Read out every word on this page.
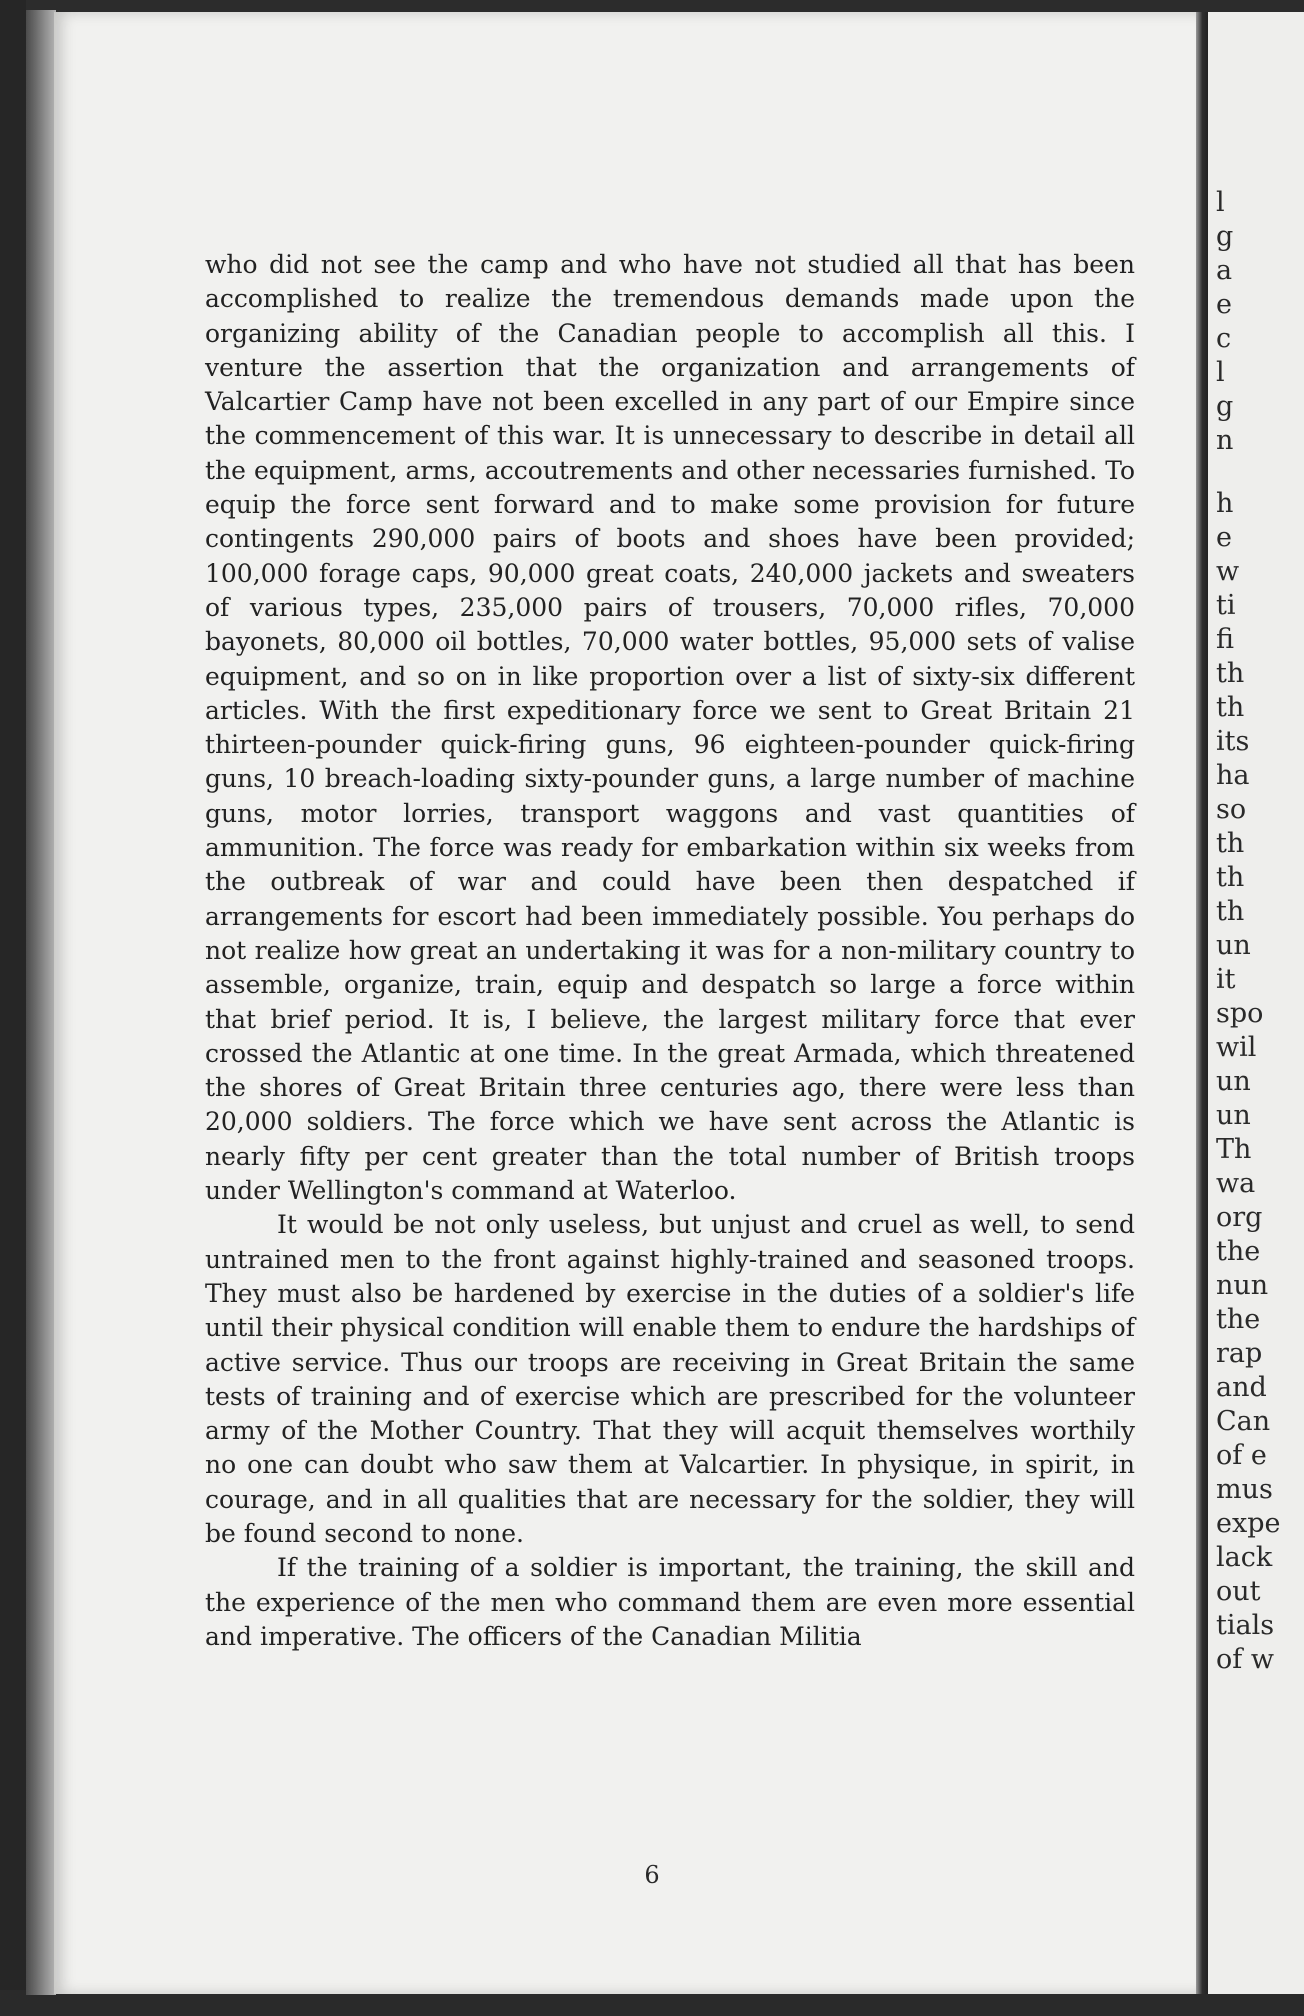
l
g
a
e
c
l
g
n
h
e
w
ti
fi
th
th
its
ha
so
th
th
th
un
it
spo
wil
un
un
Th
wa
org
the
nun
the
rap
and
Can
of e
mus
expe
lack
out
tials
of w

who did not see the camp and who have not studied all that has been accomplished to realize the tremendous demands made upon the organizing ability of the Canadian people to accomplish all this. I venture the assertion that the organization and arrangements of Valcartier Camp have not been excelled in any part of our Empire since the commencement of this war. It is unnecessary to describe in detail all the equipment, arms, accoutrements and other necessaries furnished. To equip the force sent forward and to make some provision for future contingents 290,000 pairs of boots and shoes have been provided; 100,000 forage caps, 90,000 great coats, 240,000 jackets and sweaters of various types, 235,000 pairs of trousers, 70,000 rifles, 70,000 bayonets, 80,000 oil bottles, 70,000 water bottles, 95,000 sets of valise equipment, and so on in like proportion over a list of sixty-six different articles. With the first expeditionary force we sent to Great Britain 21 thirteen-pounder quick-firing guns, 96 eighteen-pounder quick-firing guns, 10 breach-loading sixty-pounder guns, a large number of machine guns, motor lorries, transport waggons and vast quantities of ammunition. The force was ready for embarkation within six weeks from the outbreak of war and could have been then despatched if arrangements for escort had been immediately possible. You perhaps do not realize how great an undertaking it was for a non-military country to assemble, organize, train, equip and despatch so large a force within that brief period. It is, I believe, the largest military force that ever crossed the Atlantic at one time. In the great Armada, which threatened the shores of Great Britain three centuries ago, there were less than 20,000 soldiers. The force which we have sent across the Atlantic is nearly fifty per cent greater than the total number of British troops under Wellington's command at Waterloo.

It would be not only useless, but unjust and cruel as well, to send untrained men to the front against highly-trained and seasoned troops. They must also be hardened by exercise in the duties of a soldier's life until their physical condition will enable them to endure the hardships of active service. Thus our troops are receiving in Great Britain the same tests of training and of exercise which are prescribed for the volunteer army of the Mother Country. That they will acquit themselves worthily no one can doubt who saw them at Valcartier. In physique, in spirit, in courage, and in all qualities that are necessary for the soldier, they will be found second to none.

If the training of a soldier is important, the training, the skill and the experience of the men who command them are even more essential and imperative. The officers of the Canadian Militia

6
